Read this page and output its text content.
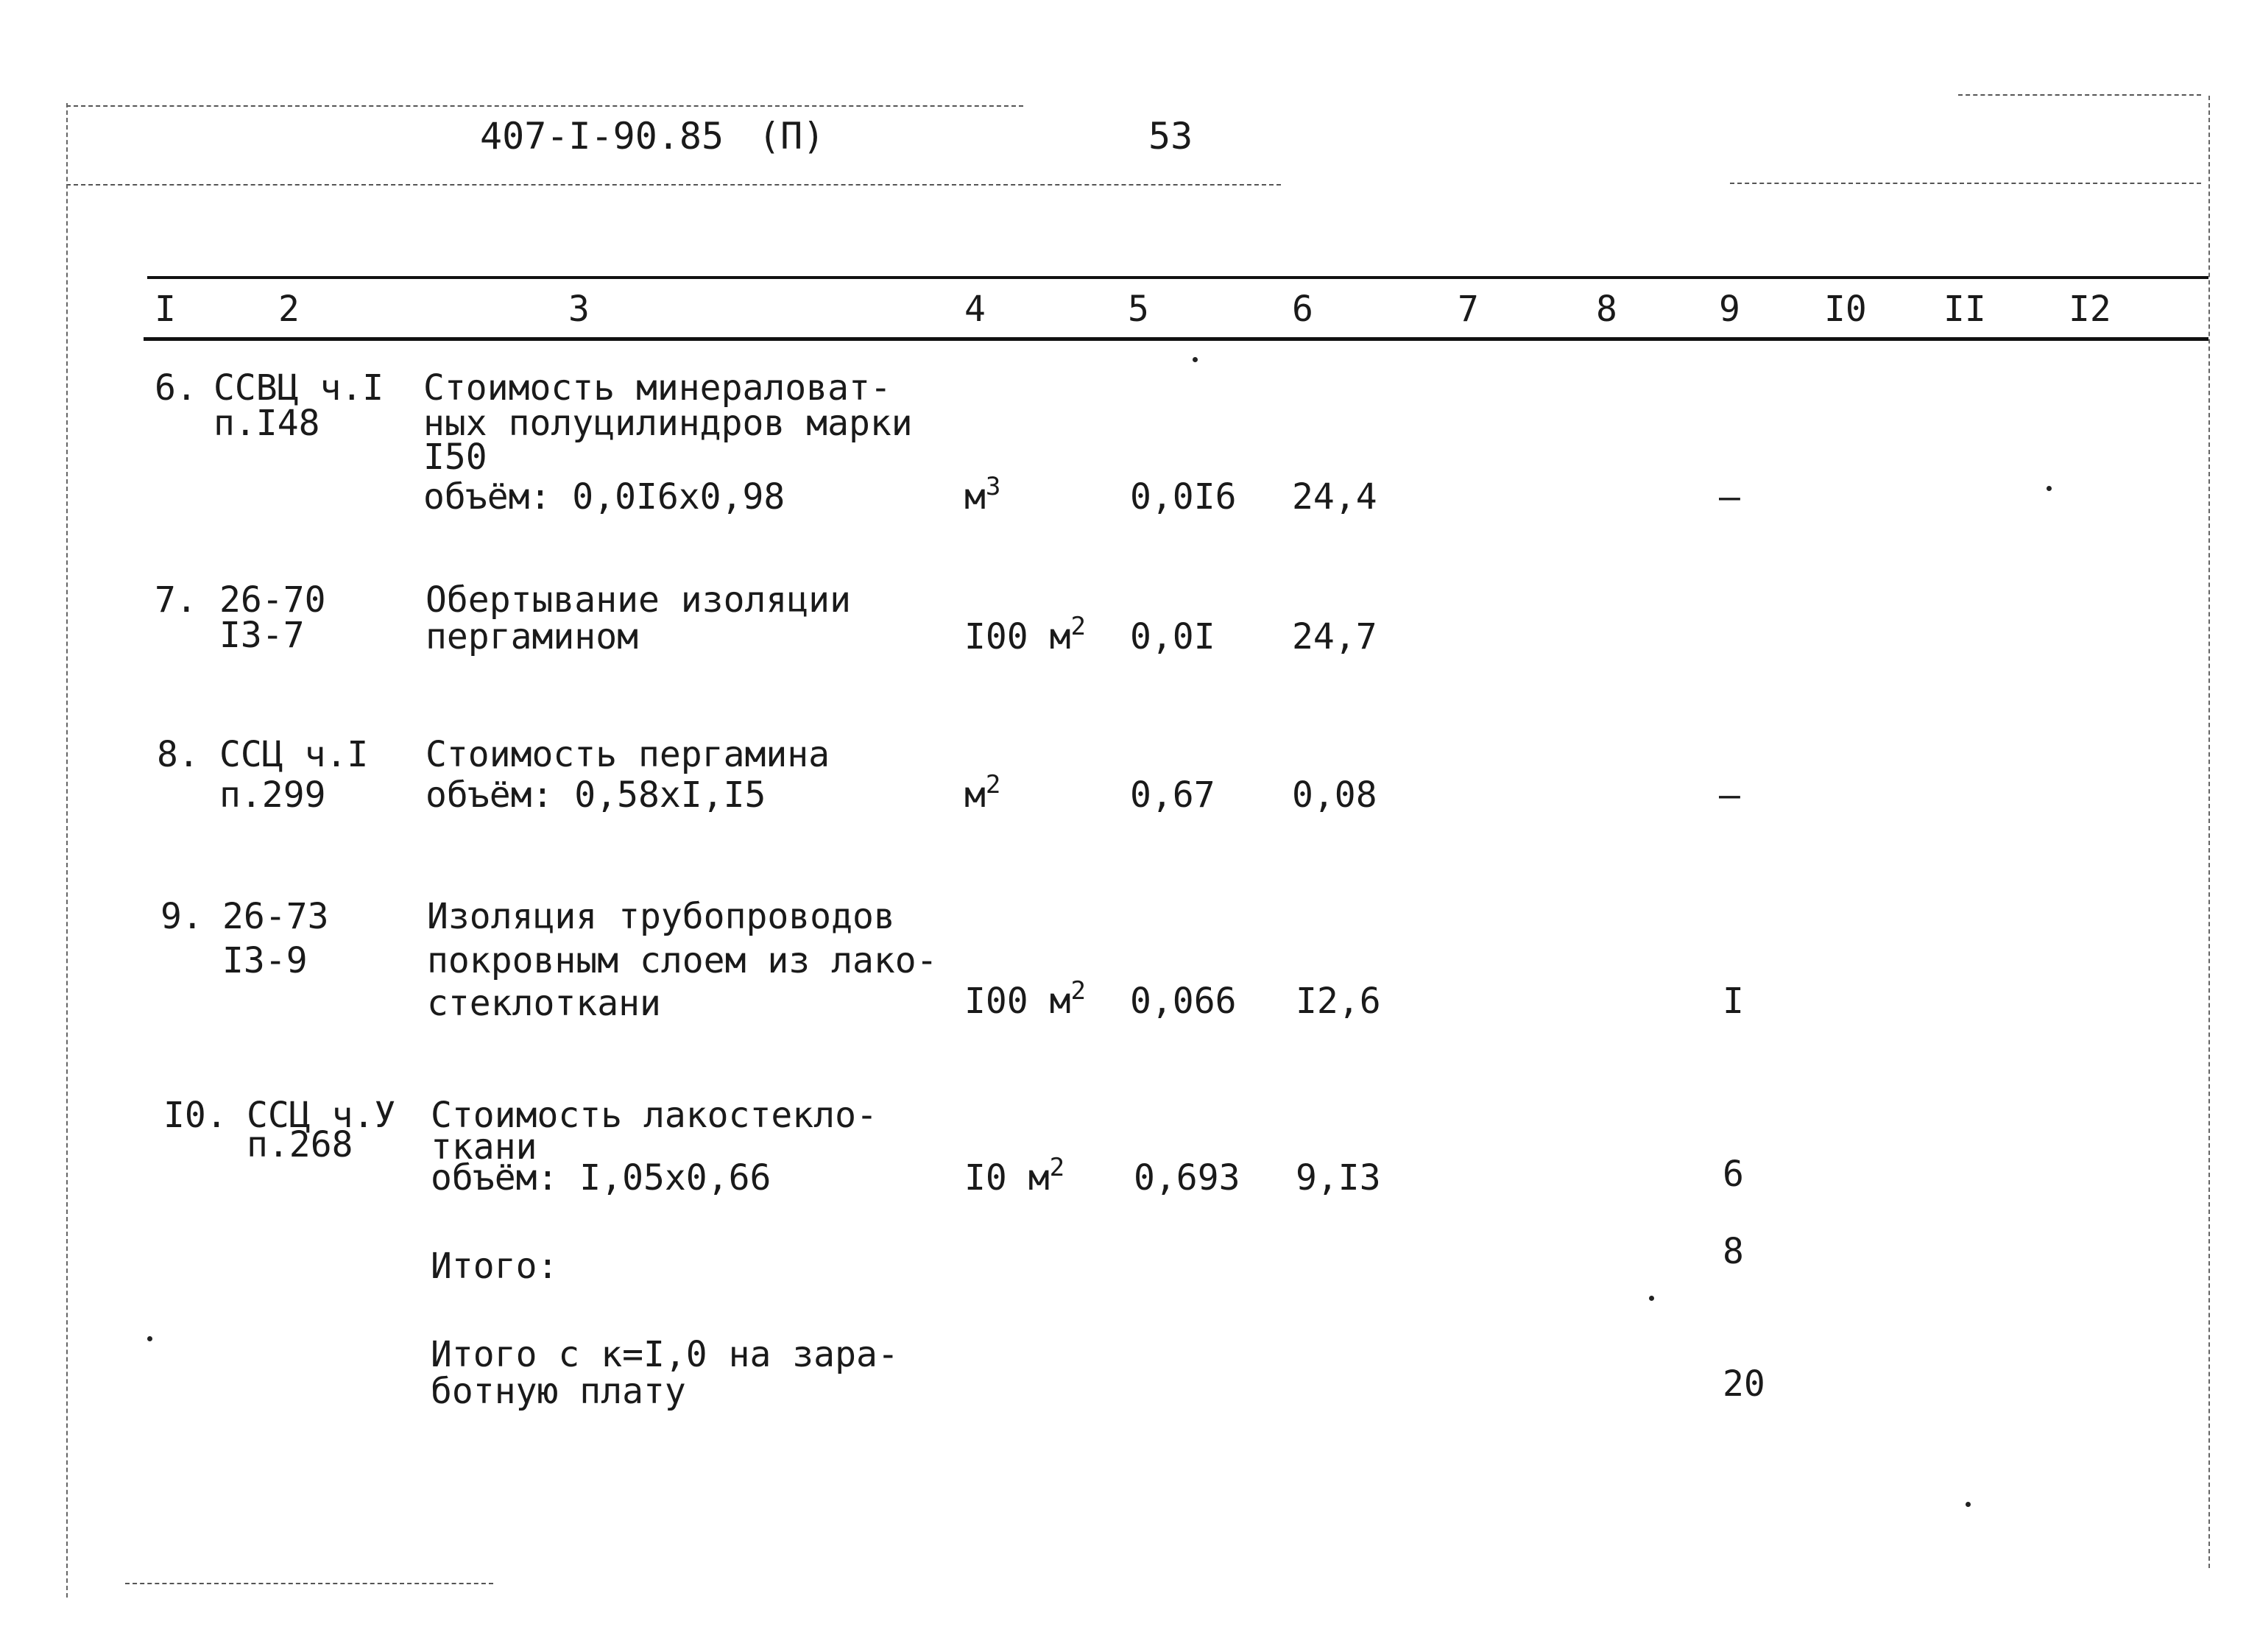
407-I-90.85 (П)	53
I	2	3	4	5	6	7	8	9 I0 II I2
6. ССВЦ ч.I
п.I48
Стоимость минераловат-
ных полуцилиндров марки
I50
объём: 0,0I6х0,98	$м^3$	0,0I6 24,4	–
7. 26-70
I3-7
Обертывание изоляции
пергамином	I00 $м^2$ 0,0I 24,7
8. ССЦ ч.I
п.299
Стоимость пергамина
объём: 0,58хI,I5	$м^2$	0,67 0,08	–
9. 26-73
I3-9
Изоляция трубопроводов
покровным слоем из лако-
стеклоткани	I00 $м^2$ 0,066 I2,6	I
I0. ССЦ ч.У
п.268
Стоимость лакостекло-
ткани
объём: I,05х0,66	I0 $м^2$ 0,693 9,I3	6
Итого:	8
Итого с к=I,0 на зара-
ботную плату	20
